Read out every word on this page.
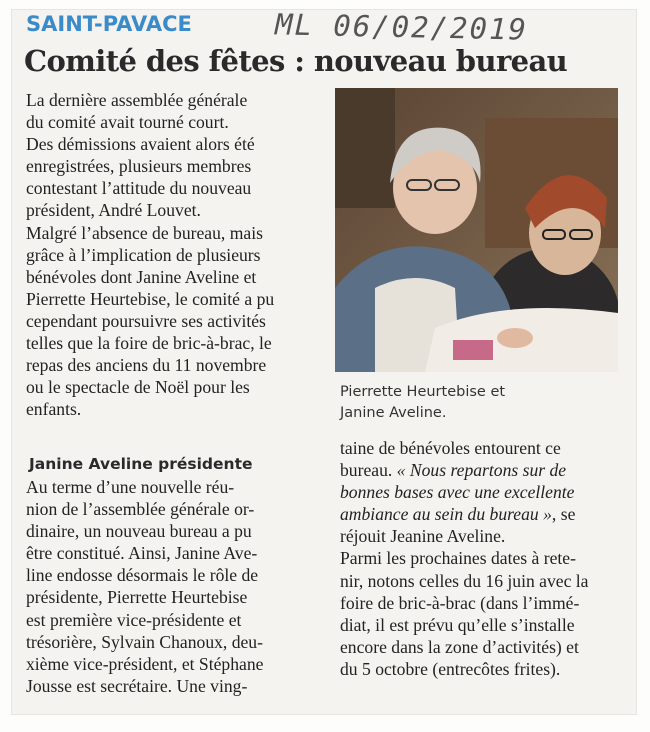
SAINT-PAVACE	ML 06/02/2019
Comité des fêtes : nouveau bureau
La dernière assemblée générale
du comité avait tourné court.
Des démissions avaient alors été
enregistrées, plusieurs membres
contestant l’attitude du nouveau
président, André Louvet.
Malgré l’absence de bureau, mais
grâce à l’implication de plusieurs
bénévoles dont Janine Aveline et
Pierrette Heurtebise, le comité a pu
cependant poursuivre ses activités
telles que la foire de bric-à-brac, le
repas des anciens du 11 novembre
ou le spectacle de Noël pour les
enfants.
Pierrette Heurtebise et
Janine Aveline.
Janine Aveline présidente
Au terme d’une nouvelle réu-
nion de l’assemblée générale or-
dinaire, un nouveau bureau a pu
être constitué. Ainsi, Janine Ave-
line endosse désormais le rôle de
présidente, Pierrette Heurtebise
est première vice-présidente et
trésorière, Sylvain Chanoux, deu-
xième vice-président, et Stéphane
Jousse est secrétaire. Une ving-
taine de bénévoles entourent ce
bureau. « Nous repartons sur de
bonnes bases avec une excellente
ambiance au sein du bureau », se
réjouit Jeanine Aveline.
Parmi les prochaines dates à rete-
nir, notons celles du 16 juin avec la
foire de bric-à-brac (dans l’immé-
diat, il est prévu qu’elle s’installe
encore dans la zone d’activités) et
du 5 octobre (entrecôtes frites).
